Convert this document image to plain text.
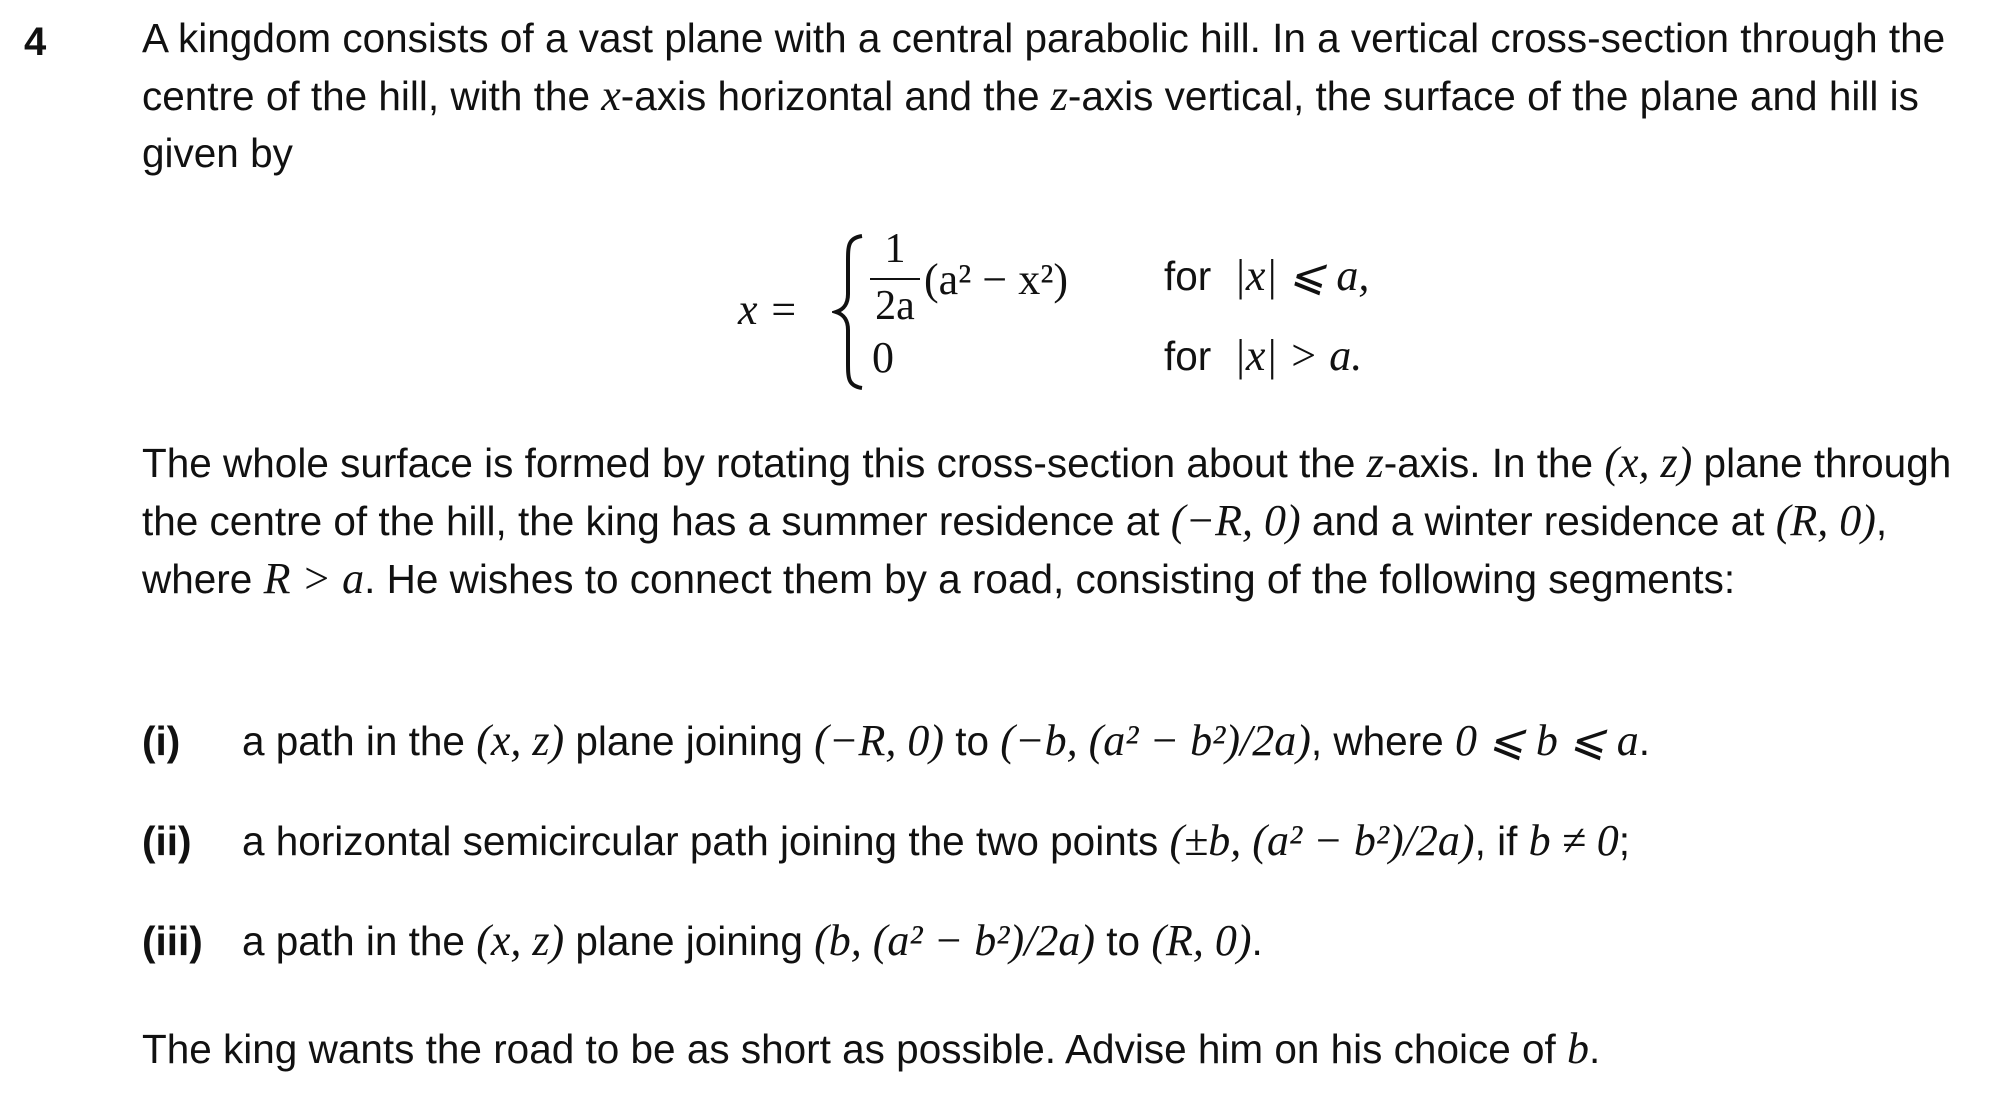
4 A kingdom consists of a vast plane with a central parabolic hill. In a vertical cross-section through the centre of the hill, with the x-axis horizontal and the z-axis vertical, the surface of the plane and hill is given by

x =
1
2a
(a² − x²)
0
for |x| ⩽ a,
for |x| > a.

The whole surface is formed by rotating this cross-section about the z-axis. In the (x, z) plane through the centre of the hill, the king has a summer residence at (−R, 0) and a winter residence at (R, 0), where R > a. He wishes to connect them by a road, consisting of the following segments:

(i) a path in the (x, z) plane joining (−R, 0) to (−b, (a² − b²)/2a), where 0 ⩽ b ⩽ a.
(ii) a horizontal semicircular path joining the two points (±b, (a² − b²)/2a), if b ≠ 0;
(iii) a path in the (x, z) plane joining (b, (a² − b²)/2a) to (R, 0).

The king wants the road to be as short as possible. Advise him on his choice of b.
